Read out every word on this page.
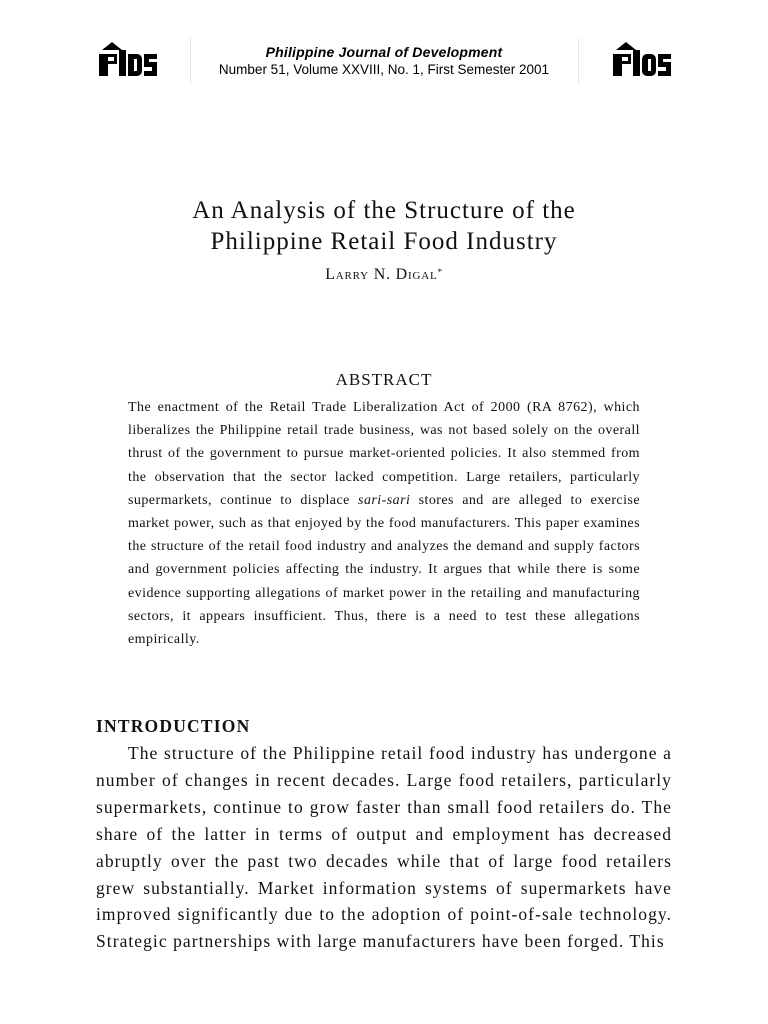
Philippine Journal of Development
Number 51, Volume XXVIII, No. 1, First Semester 2001
An Analysis of the Structure of the
Philippine Retail Food Industry
Larry N. Digal*
ABSTRACT

The enactment of the Retail Trade Liberalization Act of 2000 (RA 8762), which liberalizes the Philippine retail trade business, was not based solely on the overall thrust of the government to pursue market-oriented policies. It also stemmed from the observation that the sector lacked competition. Large retailers, particularly supermarkets, continue to displace sari-sari stores and are alleged to exercise market power, such as that enjoyed by the food manufacturers. This paper examines the structure of the retail food industry and analyzes the demand and supply factors and government policies affecting the industry. It argues that while there is some evidence supporting allegations of market power in the retailing and manufacturing sectors, it appears insufficient. Thus, there is a need to test these allegations empirically.

INTRODUCTION

The structure of the Philippine retail food industry has undergone a number of changes in recent decades. Large food retailers, particularly supermarkets, continue to grow faster than small food retailers do. The share of the latter in terms of output and employment has decreased abruptly over the past two decades while that of large food retailers grew substantially. Market information systems of supermarkets have improved significantly due to the adoption of point-of-sale technology. Strategic partnerships with large manufacturers have been forged. This
